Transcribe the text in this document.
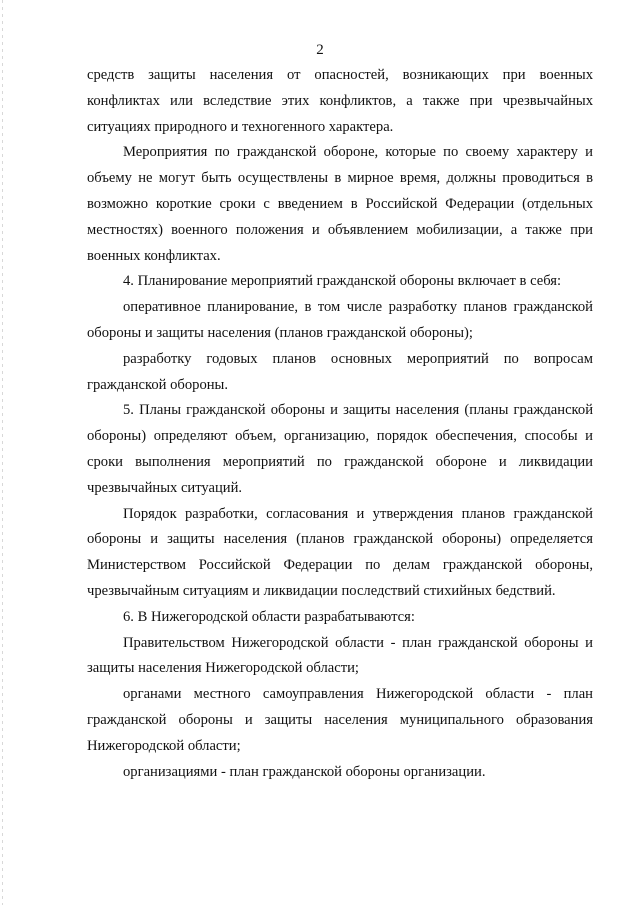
2

средств защиты населения от опасностей, возникающих при военных конфликтах или вследствие этих конфликтов, а также при чрезвычайных ситуациях природного и техногенного характера.

Мероприятия по гражданской обороне, которые по своему характеру и объему не могут быть осуществлены в мирное время, должны проводиться в возможно короткие сроки с введением в Российской Федерации (отдельных местностях) военного положения и объявлением мобилизации, а также при военных конфликтах.

4. Планирование мероприятий гражданской обороны включает в себя:

оперативное планирование, в том числе разработку планов гражданской обороны и защиты населения (планов гражданской обороны);

разработку годовых планов основных мероприятий по вопросам гражданской обороны.

5. Планы гражданской обороны и защиты населения (планы гражданской обороны) определяют объем, организацию, порядок обеспечения, способы и сроки выполнения мероприятий по гражданской обороне и ликвидации чрезвычайных ситуаций.

Порядок разработки, согласования и утверждения планов гражданской обороны и защиты населения (планов гражданской обороны) определяется Министерством Российской Федерации по делам гражданской обороны, чрезвычайным ситуациям и ликвидации последствий стихийных бедствий.

6. В Нижегородской области разрабатываются:

Правительством Нижегородской области - план гражданской обороны и защиты населения Нижегородской области;

органами местного самоуправления Нижегородской области - план гражданской обороны и защиты населения муниципального образования Нижегородской области;

организациями - план гражданской обороны организации.
